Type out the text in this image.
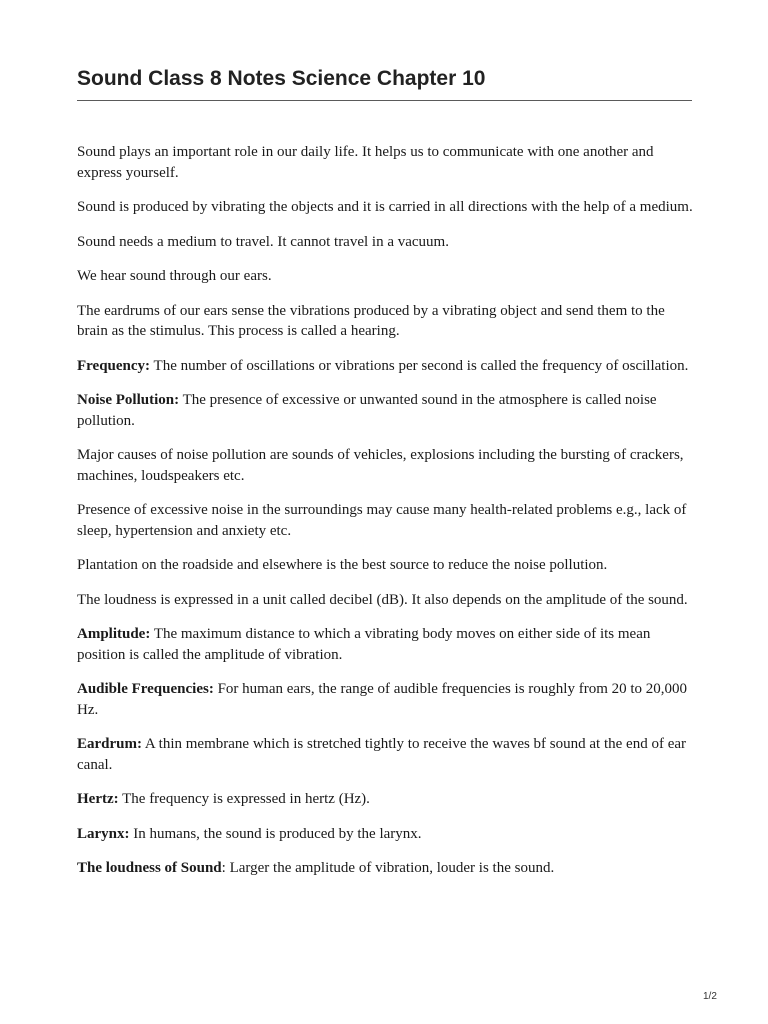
Sound Class 8 Notes Science Chapter 10

Sound plays an important role in our daily life. It helps us to communicate with one another and express yourself.

Sound is produced by vibrating the objects and it is carried in all directions with the help of a medium.

Sound needs a medium to travel. It cannot travel in a vacuum.

We hear sound through our ears.

The eardrums of our ears sense the vibrations produced by a vibrating object and send them to the brain as the stimulus. This process is called a hearing.

Frequency: The number of oscillations or vibrations per second is called the frequency of oscillation.

Noise Pollution: The presence of excessive or unwanted sound in the atmosphere is called noise pollution.

Major causes of noise pollution are sounds of vehicles, explosions including the bursting of crackers, machines, loudspeakers etc.

Presence of excessive noise in the surroundings may cause many health-related problems e.g., lack of sleep, hypertension and anxiety etc.

Plantation on the roadside and elsewhere is the best source to reduce the noise pollution.

The loudness is expressed in a unit called decibel (dB). It also depends on the amplitude of the sound.

Amplitude: The maximum distance to which a vibrating body moves on either side of its mean position is called the amplitude of vibration.

Audible Frequencies: For human ears, the range of audible frequencies is roughly from 20 to 20,000 Hz.

Eardrum: A thin membrane which is stretched tightly to receive the waves bf sound at the end of ear canal.

Hertz: The frequency is expressed in hertz (Hz).

Larynx: In humans, the sound is produced by the larynx.

The loudness of Sound: Larger the amplitude of vibration, louder is the sound.

1/2
